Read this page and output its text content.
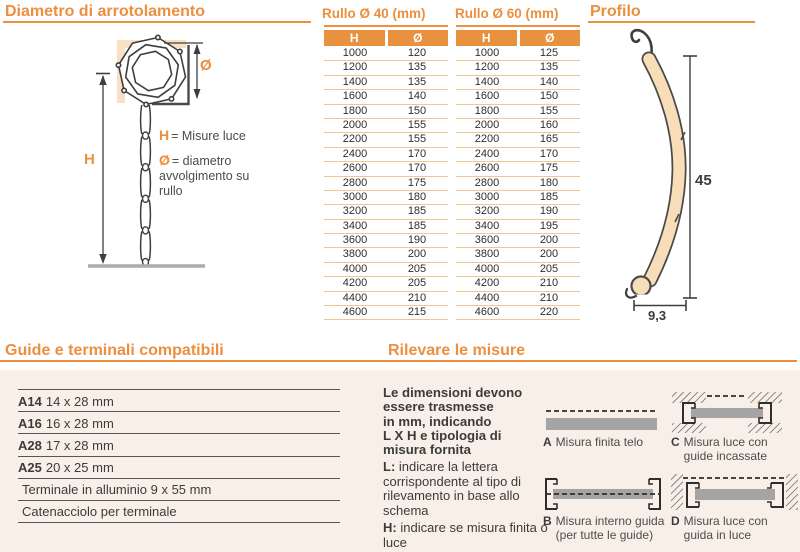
Diametro di arrotolamento
H
Ø
H = Misure luce
Ø = diametro avvolgimento su rullo
Rullo Ø 40 (mm)
H	Ø
1000	120
1200	135
1400	135
1600	140
1800	150
2000	155
2200	155
2400	170
2600	170
2800	175
3000	180
3200	185
3400	185
3600	190
3800	200
4000	205
4200	205
4400	210
4600	215
Rullo Ø 60 (mm)
H	Ø
1000	125
1200	135
1400	140
1600	150
1800	155
2000	160
2200	165
2400	170
2600	175
2800	180
3000	185
3200	190
3400	195
3600	200
3800	200
4000	205
4200	210
4400	210
4600	220
Profilo
45
9,3
Guide e terminali compatibili	Rilevare le misure
A14 14 x 28 mm
A16 16 x 28 mm
A28 17 x 28 mm
A25 20 x 25 mm
Terminale in alluminio 9 x 55 mm
Catenacciolo per terminale
Le dimensioni devono
essere trasmesse
in mm, indicando
L X H e tipologia di
misura fornita
L: indicare la lettera corrispondente al tipo di rilevamento in base allo schema
H: indicare se misura finita o luce
A Misura finita telo
B Misura interno guida (per tutte le guide)
C Misura luce con guide incassate
D Misura luce con guida in luce
